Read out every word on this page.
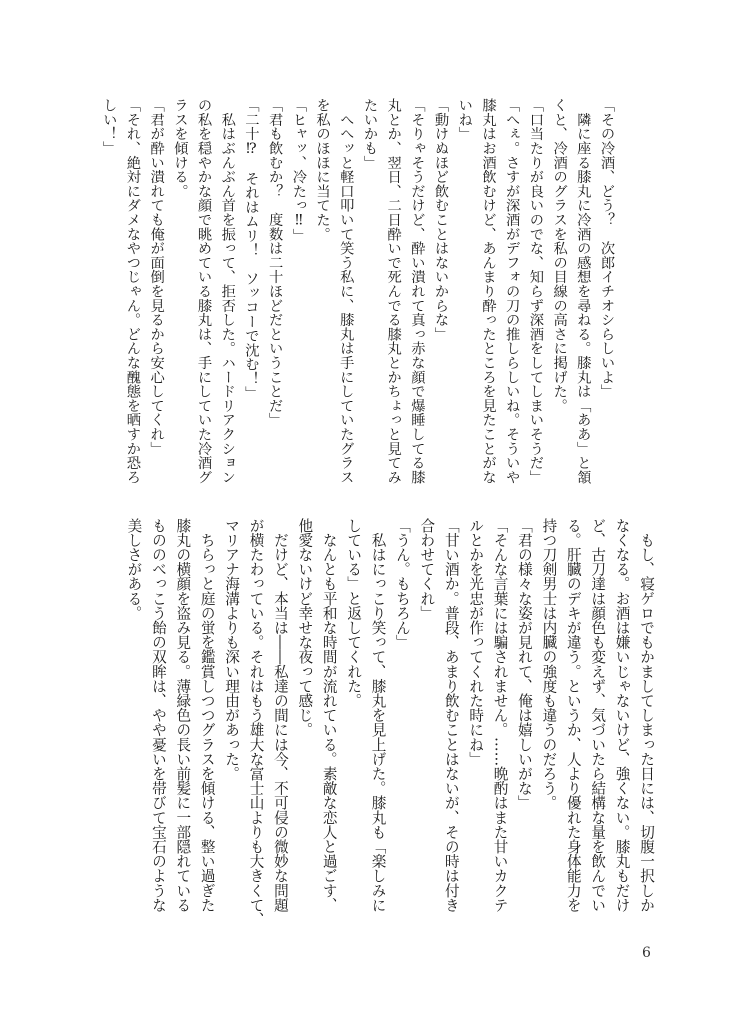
「その冷酒、どう？　次郎イチオシらしいよ」
　隣に座る膝丸に冷酒の感想を尋ねる。膝丸は「ああ」と頷
くと、冷酒のグラスを私の目線の高さに掲げた。
「口当たりが良いのでな、知らず深酒をしてしまいそうだ」
「へぇ。さすが深酒がデフォの刀の推しらしいね。そういや
膝丸はお酒飲むけど、あんまり酔ったところを見たことがな
いね」
「動けぬほど飲むことはないからな」
「そりゃそうだけど、酔い潰れて真っ赤な顔で爆睡してる膝
丸とか、翌日、二日酔いで死んでる膝丸とかちょっと見てみ
たいかも」
　へへッと軽口叩いて笑う私に、膝丸は手にしていたグラス
を私のほほに当てた。
「ヒャッ、冷たっ‼」
「君も飲むか？　度数は二十ほどだということだ」
「二十⁉　それはムリ！　ソッコーで沈む！」
　私はぶんぶん首を振って、拒否した。ハードリアクション
の私を穏やかな顔で眺めている膝丸は、手にしていた冷酒グ
ラスを傾ける。
「君が酔い潰れても俺が面倒を見るから安心してくれ」
「それ、絶対にダメなやつじゃん。どんな醜態を晒すか恐ろ
しい！」
　もし、寝ゲロでもかましてしまった日には、切腹一択しか
なくなる。お酒は嫌いじゃないけど、強くない。膝丸もだけ
ど、古刀達は顔色も変えず、気づいたら結構な量を飲んでい
る。肝臓のデキが違う。というか、人より優れた身体能力を
持つ刀剣男士は内臓の強度も違うのだろう。
「君の様々な姿が見れて、俺は嬉しいがな」
「そんな言葉には騙されません。……晩酌はまた甘いカクテ
ルとかを光忠が作ってくれた時にね」
「甘い酒か。普段、あまり飲むことはないが、その時は付き
合わせてくれ」
「うん。もちろん」
　私はにっこり笑って、膝丸を見上げた。膝丸も「楽しみに
している」と返してくれた。
　なんとも平和な時間が流れている。素敵な恋人と過ごす、
他愛ないけど幸せな夜って感じ。
　だけど、本当は――私達の間には今、不可侵の微妙な問題
が横たわっている。それはもう雄大な富士山よりも大きくて、
マリアナ海溝よりも深い理由があった。
　ちらっと庭の蛍を鑑賞しつつグラスを傾ける、整い過ぎた
膝丸の横顔を盗み見る。薄緑色の長い前髪に一部隠れている
もののべっこう飴の双眸は、やや憂いを帯びて宝石のような
美しさがある。
6
